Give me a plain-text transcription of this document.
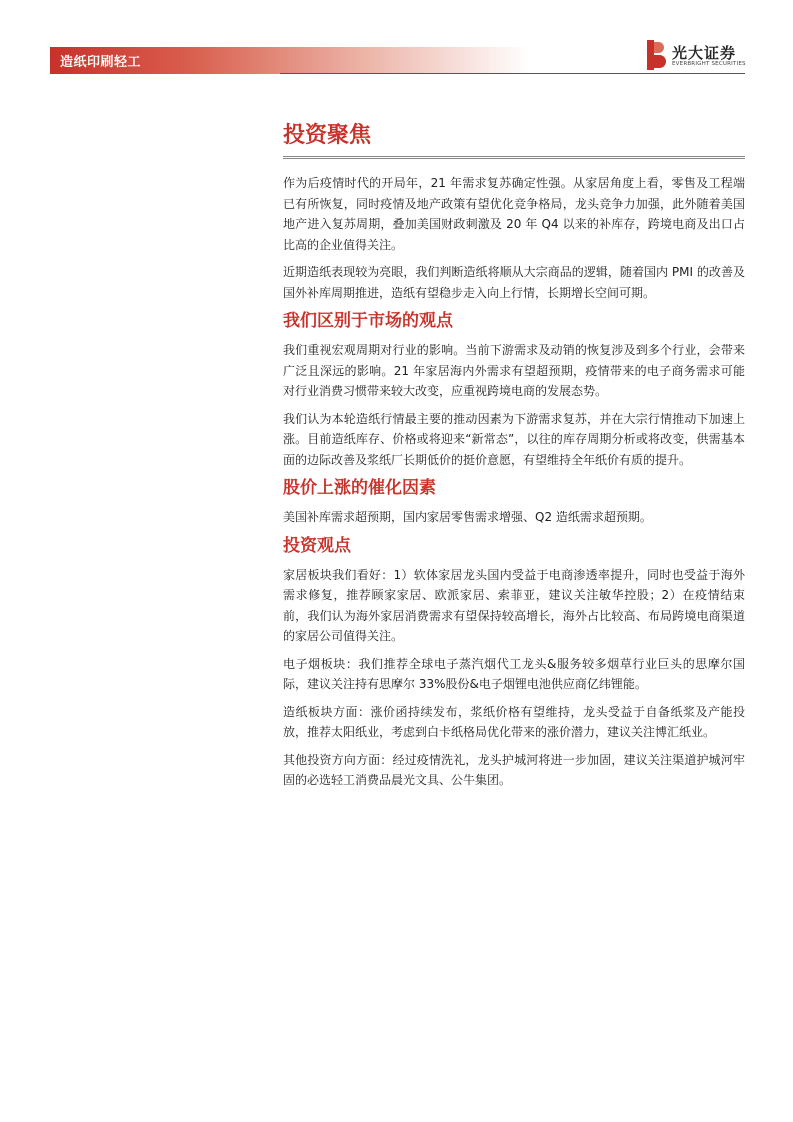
造纸印刷轻工
光大证券
EVERBRIGHT SECURITIES
投资聚焦

作为后疫情时代的开局年，21 年需求复苏确定性强。从家居角度上看，零售及工程端已有所恢复，同时疫情及地产政策有望优化竞争格局，龙头竞争力加强，此外随着美国地产进入复苏周期，叠加美国财政刺激及 20 年 Q4 以来的补库存，跨境电商及出口占比高的企业值得关注。

近期造纸表现较为亮眼，我们判断造纸将顺从大宗商品的逻辑，随着国内 PMI 的改善及国外补库周期推进，造纸有望稳步走入向上行情，长期增长空间可期。

我们区别于市场的观点

我们重视宏观周期对行业的影响。当前下游需求及动销的恢复涉及到多个行业，会带来广泛且深远的影响。21 年家居海内外需求有望超预期，疫情带来的电子商务需求可能对行业消费习惯带来较大改变，应重视跨境电商的发展态势。

我们认为本轮造纸行情最主要的推动因素为下游需求复苏，并在大宗行情推动下加速上涨。目前造纸库存、价格或将迎来“新常态”，以往的库存周期分析或将改变，供需基本面的边际改善及浆纸厂长期低价的挺价意愿，有望维持全年纸价有质的提升。

股价上涨的催化因素

美国补库需求超预期，国内家居零售需求增强、Q2 造纸需求超预期。

投资观点

家居板块我们看好：1）软体家居龙头国内受益于电商渗透率提升，同时也受益于海外需求修复，推荐顾家家居、欧派家居、索菲亚，建议关注敏华控股；2）在疫情结束前，我们认为海外家居消费需求有望保持较高增长，海外占比较高、布局跨境电商渠道的家居公司值得关注。

电子烟板块：我们推荐全球电子蒸汽烟代工龙头&服务较多烟草行业巨头的思摩尔国际，建议关注持有思摩尔 33%股份&电子烟锂电池供应商亿纬锂能。

造纸板块方面：涨价函持续发布，浆纸价格有望维持，龙头受益于自备纸浆及产能投放，推荐太阳纸业，考虑到白卡纸格局优化带来的涨价潜力，建议关注博汇纸业。

其他投资方向方面：经过疫情洗礼，龙头护城河将进一步加固，建议关注渠道护城河牢固的必选轻工消费品晨光文具、公牛集团。
